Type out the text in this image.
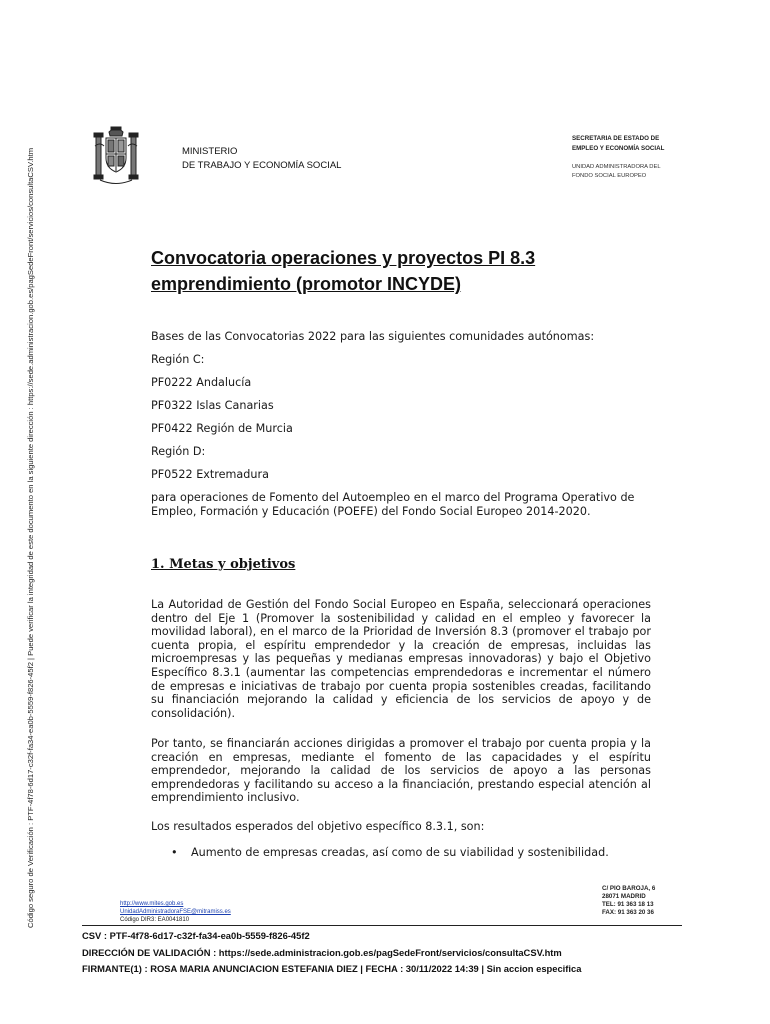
Código seguro de Verificación : PTF-4f78-6d17-c32f-fa34-ea0b-5559-f826-45f2 | Puede verificar la integridad de este documento en la siguiente dirección : https://sede.administracion.gob.es/pagSedeFront/servicios/consultaCSV.htm	MINISTERIO
DE TRABAJO Y ECONOMÍA SOCIAL
SECRETARIA DE ESTADO DE
EMPLEO Y ECONOMÍA SOCIAL
UNIDAD ADMINISTRADORA DEL
FONDO SOCIAL EUROPEO
Convocatoria operaciones y proyectos PI 8.3
emprendimiento (promotor INCYDE)
Bases de las Convocatorias 2022 para las siguientes comunidades autónomas:
Región C:
PF0222 Andalucía
PF0322 Islas Canarias
PF0422 Región de Murcia
Región D:
PF0522 Extremadura

para operaciones de Fomento del Autoempleo en el marco del Programa Operativo de Empleo, Formación y Educación (POEFE) del Fondo Social Europeo 2014-2020.

1. Metas y objetivos

La Autoridad de Gestión del Fondo Social Europeo en España, seleccionará operaciones dentro del Eje 1 (Promover la sostenibilidad y calidad en el empleo y favorecer la movilidad laboral), en el marco de la Prioridad de Inversión 8.3 (promover el trabajo por cuenta propia, el espíritu emprendedor y la creación de empresas, incluidas las microempresas y las pequeñas y medianas empresas innovadoras) y bajo el Objetivo Específico 8.3.1 (aumentar las competencias emprendedoras e incrementar el número de empresas e iniciativas de trabajo por cuenta propia sostenibles creadas, facilitando su financiación mejorando la calidad y eficiencia de los servicios de apoyo y de consolidación).

Por tanto, se financiarán acciones dirigidas a promover el trabajo por cuenta propia y la creación en empresas, mediante el fomento de las capacidades y el espíritu emprendedor, mejorando la calidad de los servicios de apoyo a las personas emprendedoras y facilitando su acceso a la financiación, prestando especial atención al emprendimiento inclusivo.

Los resultados esperados del objetivo específico 8.3.1, son:

• Aumento de empresas creadas, así como de su viabilidad y sostenibilidad.
http://www.mites.gob.es
UnidadAdministradoraFSE@mitramiss.es
Código DIR3: EA0041810
C/ PIO BAROJA, 6
28071 MADRID
TEL: 91 363 18 13
FAX: 91 363 20 36
CSV : PTF-4f78-6d17-c32f-fa34-ea0b-5559-f826-45f2
DIRECCIÓN DE VALIDACIÓN : https://sede.administracion.gob.es/pagSedeFront/servicios/consultaCSV.htm
FIRMANTE(1) : ROSA MARIA ANUNCIACION ESTEFANIA DIEZ | FECHA : 30/11/2022 14:39 | Sin accion especifica
